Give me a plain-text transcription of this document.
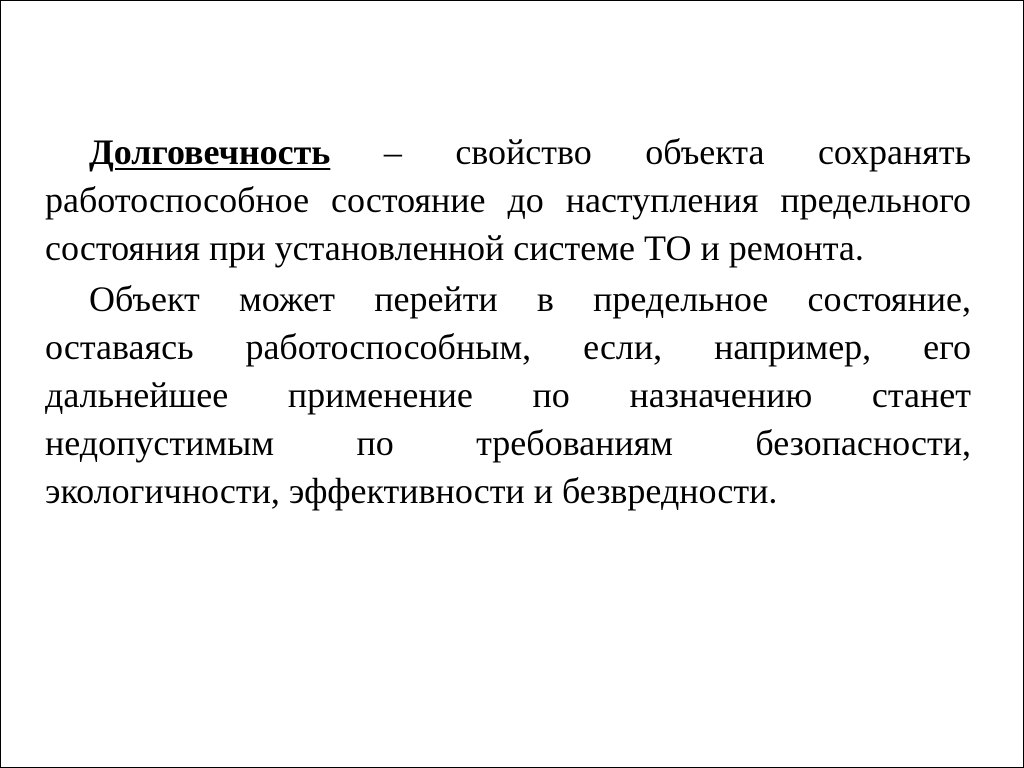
Долговечность – свойство объекта сохранять работоспособное состояние до наступления предельного состояния при установленной системе ТО и ремонта.

Объект может перейти в предельное состояние, оставаясь работоспособным, если, например, его дальнейшее применение по назначению станет недопустимым по требованиям безопасности, экологичности, эффективности и безвредности.
